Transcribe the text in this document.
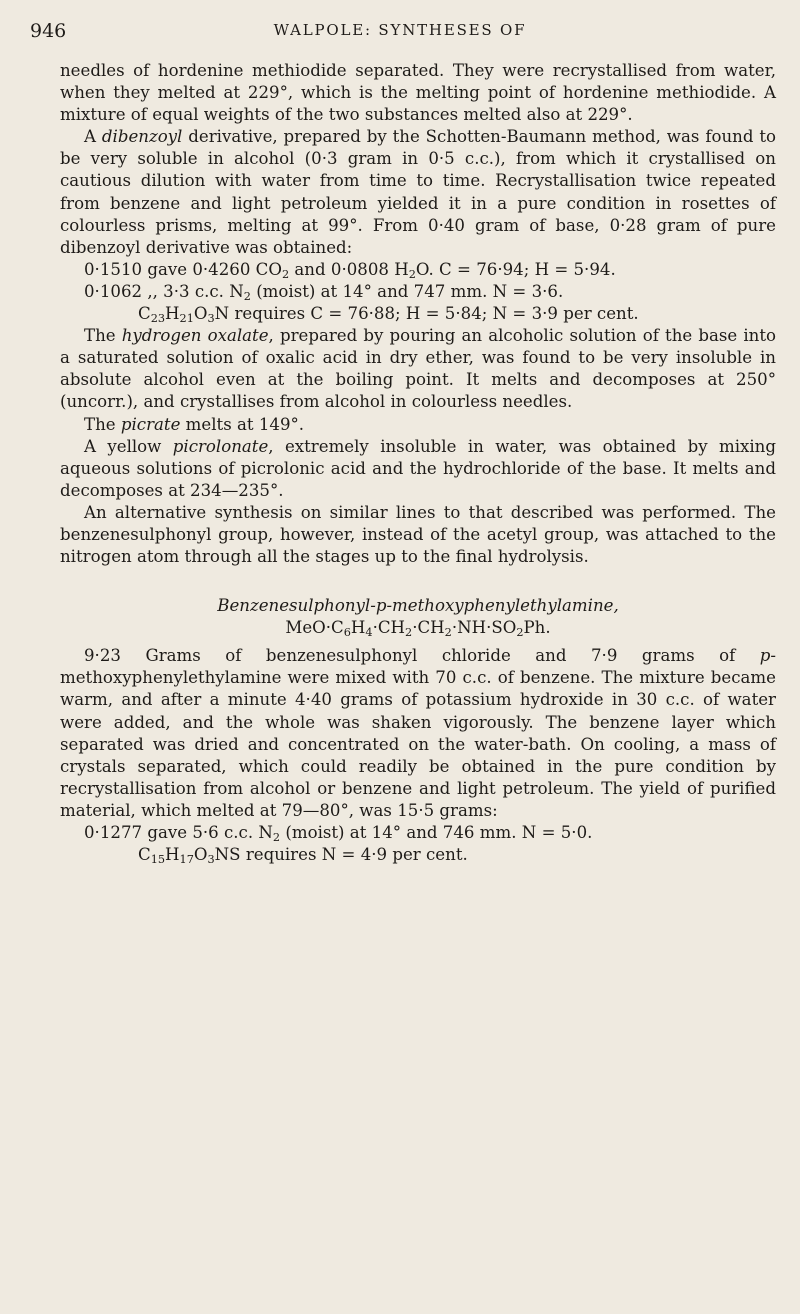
946	WALPOLE: SYNTHESES OF

needles of hordenine methiodide separated. They were recrystallised from water, when they melted at 229°, which is the melting point of hordenine methiodide. A mixture of equal weights of the two substances melted also at 229°.

A dibenzoyl derivative, prepared by the Schotten-Baumann method, was found to be very soluble in alcohol (0·3 gram in 0·5 c.c.), from which it crystallised on cautious dilution with water from time to time. Recrystallisation twice repeated from benzene and light petroleum yielded it in a pure condition in rosettes of colourless prisms, melting at 99°. From 0·40 gram of base, 0·28 gram of pure dibenzoyl derivative was obtained:

0·1510 gave 0·4260 $CO_2$ and 0·0808 $H_2O$. C = 76·94; H = 5·94.

0·1062 ,, 3·3 c.c. $N_2$ (moist) at 14° and 747 mm. N = 3·6.

$C_{23}H_{21}O_3N$ requires C = 76·88; H = 5·84; N = 3·9 per cent.

The hydrogen oxalate, prepared by pouring an alcoholic solution of the base into a saturated solution of oxalic acid in dry ether, was found to be very insoluble in absolute alcohol even at the boiling point. It melts and decomposes at 250° (uncorr.), and crystallises from alcohol in colourless needles.

The picrate melts at 149°.

A yellow picrolonate, extremely insoluble in water, was obtained by mixing aqueous solutions of picrolonic acid and the hydrochloride of the base. It melts and decomposes at 234—235°.

An alternative synthesis on similar lines to that described was performed. The benzenesulphonyl group, however, instead of the acetyl group, was attached to the nitrogen atom through all the stages up to the final hydrolysis.

Benzenesulphonyl-p-methoxyphenylethylamine,

$MeO\cdot C_6H_4\cdot CH_2\cdot CH_2\cdot NH\cdot SO_2Ph$.

9·23 Grams of benzenesulphonyl chloride and 7·9 grams of p-methoxyphenylethylamine were mixed with 70 c.c. of benzene. The mixture became warm, and after a minute 4·40 grams of potassium hydroxide in 30 c.c. of water were added, and the whole was shaken vigorously. The benzene layer which separated was dried and concentrated on the water-bath. On cooling, a mass of crystals separated, which could readily be obtained in the pure condition by recrystallisation from alcohol or benzene and light petroleum. The yield of purified material, which melted at 79—80°, was 15·5 grams:

0·1277 gave 5·6 c.c. $N_2$ (moist) at 14° and 746 mm. N = 5·0.

$C_{15}H_{17}O_3NS$ requires N = 4·9 per cent.
